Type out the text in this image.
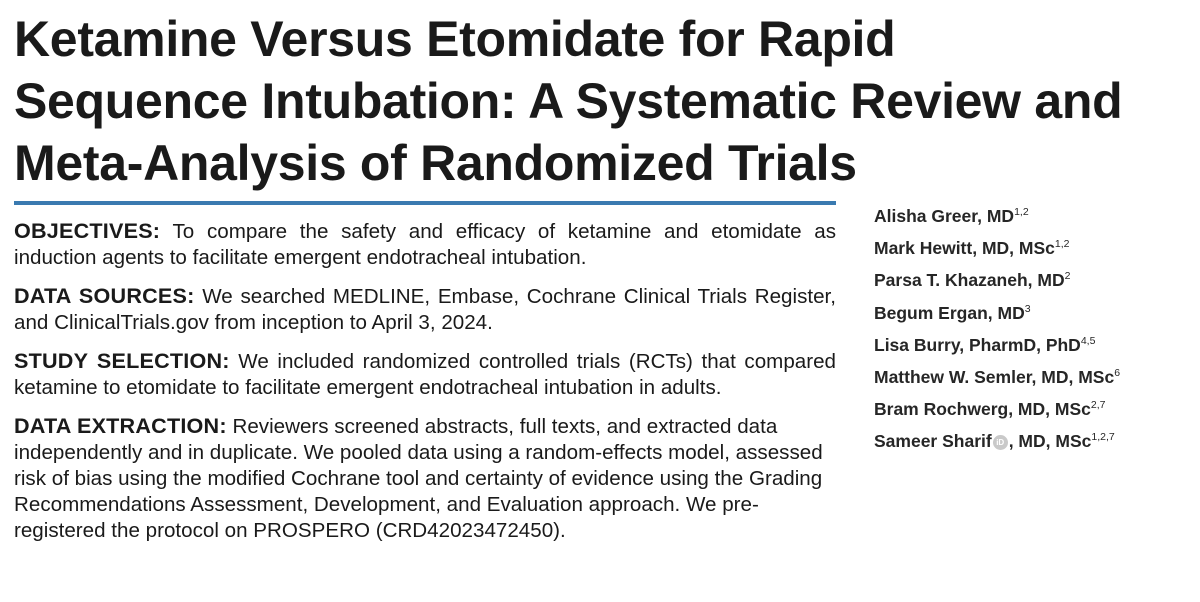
Ketamine Versus Etomidate for Rapid
Sequence Intubation: A Systematic Review and
Meta-Analysis of Randomized Trials

OBJECTIVES: To compare the safety and efficacy of ketamine and etomidate as induction agents to facilitate emergent endotracheal intubation.

DATA SOURCES: We searched MEDLINE, Embase, Cochrane Clinical Trials Register, and ClinicalTrials.gov from inception to April 3, 2024.

STUDY SELECTION: We included randomized controlled trials (RCTs) that compared ketamine to etomidate to facilitate emergent endotracheal intubation in adults.

DATA EXTRACTION: Reviewers screened abstracts, full texts, and extracted data independently and in duplicate. We pooled data using a random-effects model, assessed risk of bias using the modified Cochrane tool and certainty of evidence using the Grading Recommendations Assessment, Development, and Evaluation approach. We pre-registered the protocol on PROSPERO (CRD42023472450).

Alisha Greer, MD$^{1,2}$
Mark Hewitt, MD, MSc$^{1,2}$
Parsa T. Khazaneh, $MD^2$
Begum Ergan, $MD^3$
Lisa Burry, PharmD, PhD$^{4,5}$
Matthew W. Semler, MD, MSc$^6$
Bram Rochwerg, MD, MSc$^{2,7}$
Sameer Sharif iD , MD, MSc$^{1,2,7}$
